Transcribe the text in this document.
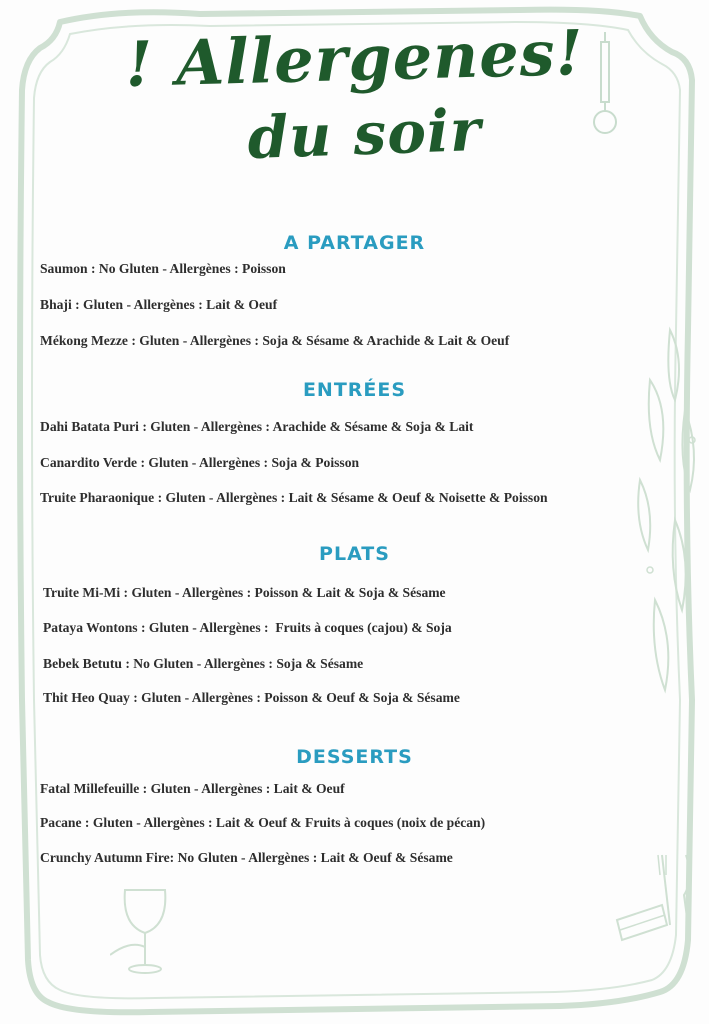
! Allergenes!
du soir
A PARTAGER
Saumon : No Gluten - Allergènes : Poisson
Bhaji : Gluten - Allergènes : Lait & Oeuf
Mékong Mezze : Gluten - Allergènes : Soja & Sésame & Arachide & Lait & Oeuf
ENTRÉES
Dahi Batata Puri : Gluten - Allergènes : Arachide & Sésame & Soja & Lait
Canardito Verde : Gluten - Allergènes : Soja & Poisson
Truite Pharaonique : Gluten - Allergènes : Lait & Sésame & Oeuf & Noisette & Poisson
PLATS
Truite Mi-Mi : Gluten - Allergènes : Poisson & Lait & Soja & Sésame
Pataya Wontons : Gluten - Allergènes :  Fruits à coques (cajou) & Soja
Bebek Betutu : No Gluten - Allergènes : Soja & Sésame
Thit Heo Quay : Gluten - Allergènes : Poisson & Oeuf & Soja & Sésame
DESSERTS
Fatal Millefeuille : Gluten - Allergènes : Lait & Oeuf
Pacane : Gluten - Allergènes : Lait & Oeuf & Fruits à coques (noix de pécan)
Crunchy Autumn Fire: No Gluten - Allergènes : Lait & Oeuf & Sésame
